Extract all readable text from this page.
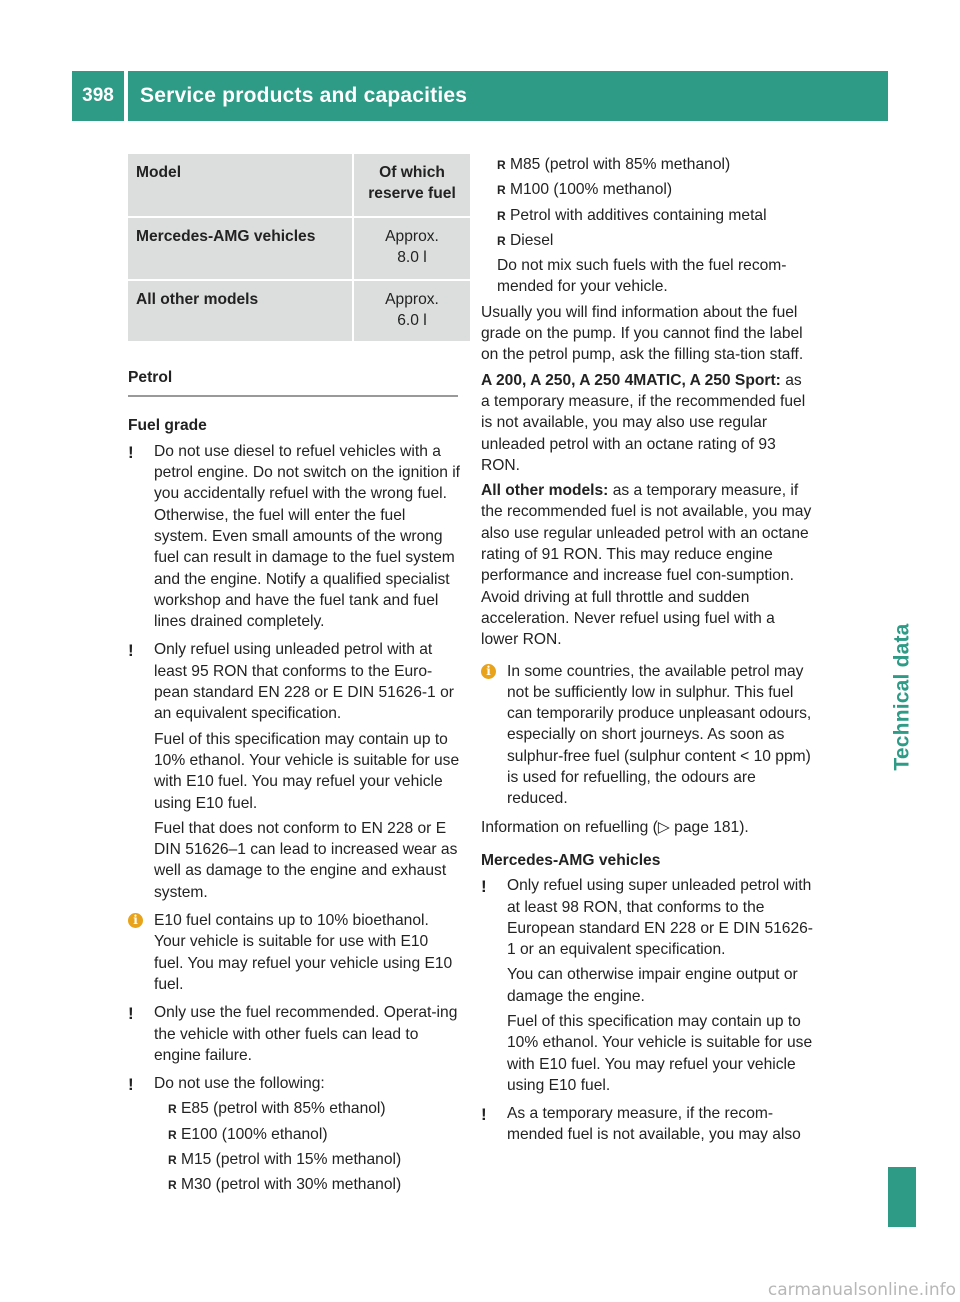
398	Service products and capacities
Technical data
Model	Of which reserve fuel

Mercedes-AMG vehicles	Approx.
8.0 l

All other models	Approx.
6.0 l
Petrol
Fuel grade
!	Do not use diesel to refuel vehicles with a petrol engine. Do not switch on the ignition if you accidentally refuel with the wrong fuel. Otherwise, the fuel will enter the fuel system. Even small amounts of the wrong fuel can result in damage to the fuel system and the engine. Notify a qualified specialist workshop and have the fuel tank and fuel lines drained completely.

!	Only refuel using unleaded petrol with at least 95 RON that conforms to the Euro-pean standard EN 228 or E DIN 51626-1 or an equivalent specification.

Fuel of this specification may contain up to 10% ethanol. Your vehicle is suitable for use with E10 fuel. You may refuel your vehicle using E10 fuel.

Fuel that does not conform to EN 228 or E DIN 51626–1 can lead to increased wear as well as damage to the engine and exhaust system.

i	E10 fuel contains up to 10% bioethanol. Your vehicle is suitable for use with E10 fuel. You may refuel your vehicle using E10 fuel.

!	Only use the fuel recommended. Operat-ing the vehicle with other fuels can lead to engine failure.

!	Do not use the following:

R E85 (petrol with 85% ethanol)
R E100 (100% ethanol)
R M15 (petrol with 15% methanol)
R M30 (petrol with 30% methanol)
R M85 (petrol with 85% methanol)
R M100 (100% methanol)
R Petrol with additives containing metal
R Diesel

Do not mix such fuels with the fuel recom-mended for your vehicle.

Usually you will find information about the fuel grade on the pump. If you cannot find the label on the petrol pump, ask the filling sta-tion staff.

A 200, A 250, A 250 4MATIC, A 250 Sport: as a temporary measure, if the recommended fuel is not available, you may also use regular unleaded petrol with an octane rating of 93 RON.

All other models: as a temporary measure, if the recommended fuel is not available, you may also use regular unleaded petrol with an octane rating of 91 RON. This may reduce engine performance and increase fuel con-sumption. Avoid driving at full throttle and sudden acceleration. Never refuel using fuel with a lower RON.

i	In some countries, the available petrol may not be sufficiently low in sulphur. This fuel can temporarily produce unpleasant odours, especially on short journeys. As soon as sulphur-free fuel (sulphur content < 10 ppm) is used for refuelling, the odours are reduced.

Information on refuelling (▷ page 181).

Mercedes-AMG vehicles
!	Only refuel using super unleaded petrol with at least 98 RON, that conforms to the European standard EN 228 or E DIN 51626-1 or an equivalent specification.

You can otherwise impair engine output or damage the engine.

Fuel of this specification may contain up to 10% ethanol. Your vehicle is suitable for use with E10 fuel. You may refuel your vehicle using E10 fuel.

!	As a temporary measure, if the recom-mended fuel is not available, you may also

carmanualsonline.info
